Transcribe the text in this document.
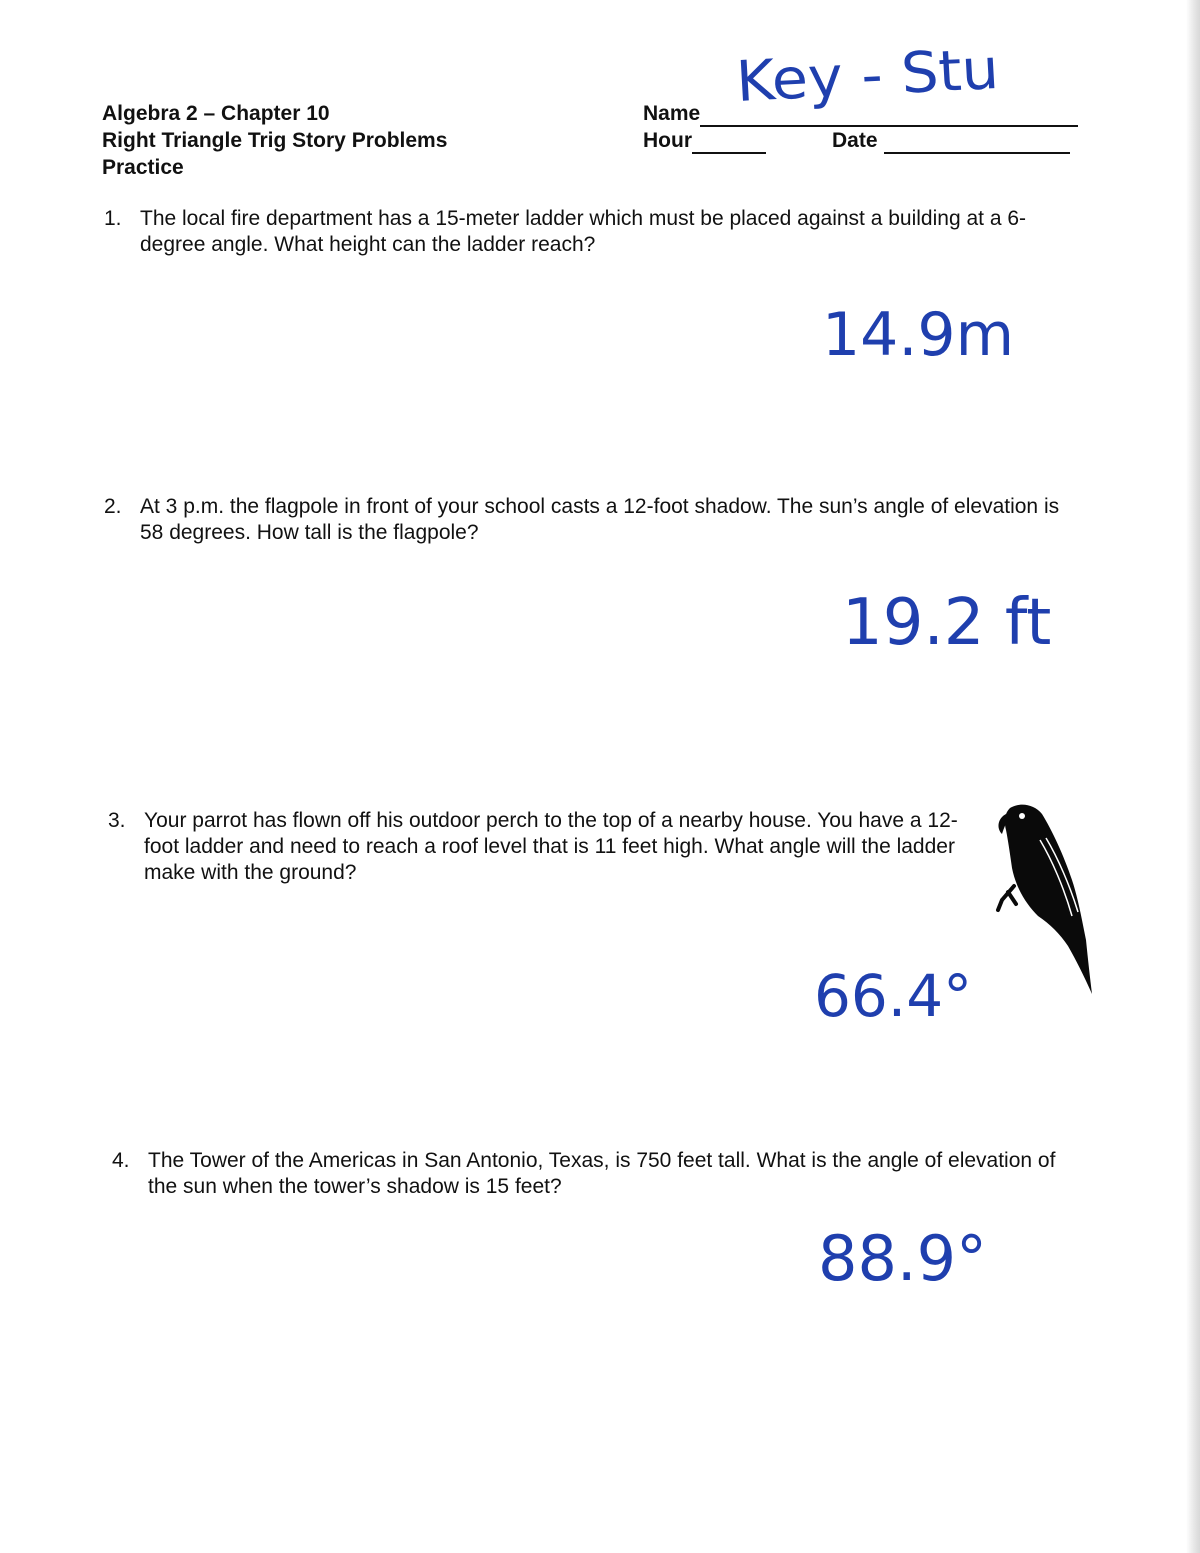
Algebra 2 – Chapter 10
Right Triangle Trig Story Problems
Practice
Name
Hour	Date
Key - Stu
1. The local fire department has a 15-meter ladder which must be placed against a building at a 6-degree angle. What height can the ladder reach?
14.9m
2. At 3 p.m. the flagpole in front of your school casts a 12-foot shadow. The sun’s angle of elevation is 58 degrees. How tall is the flagpole?
19.2 ft
3. Your parrot has flown off his outdoor perch to the top of a nearby house. You have a 12-foot ladder and need to reach a roof level that is 11 feet high. What angle will the ladder make with the ground?
66.4°
4. The Tower of the Americas in San Antonio, Texas, is 750 feet tall. What is the angle of elevation of the sun when the tower’s shadow is 15 feet?
88.9°
